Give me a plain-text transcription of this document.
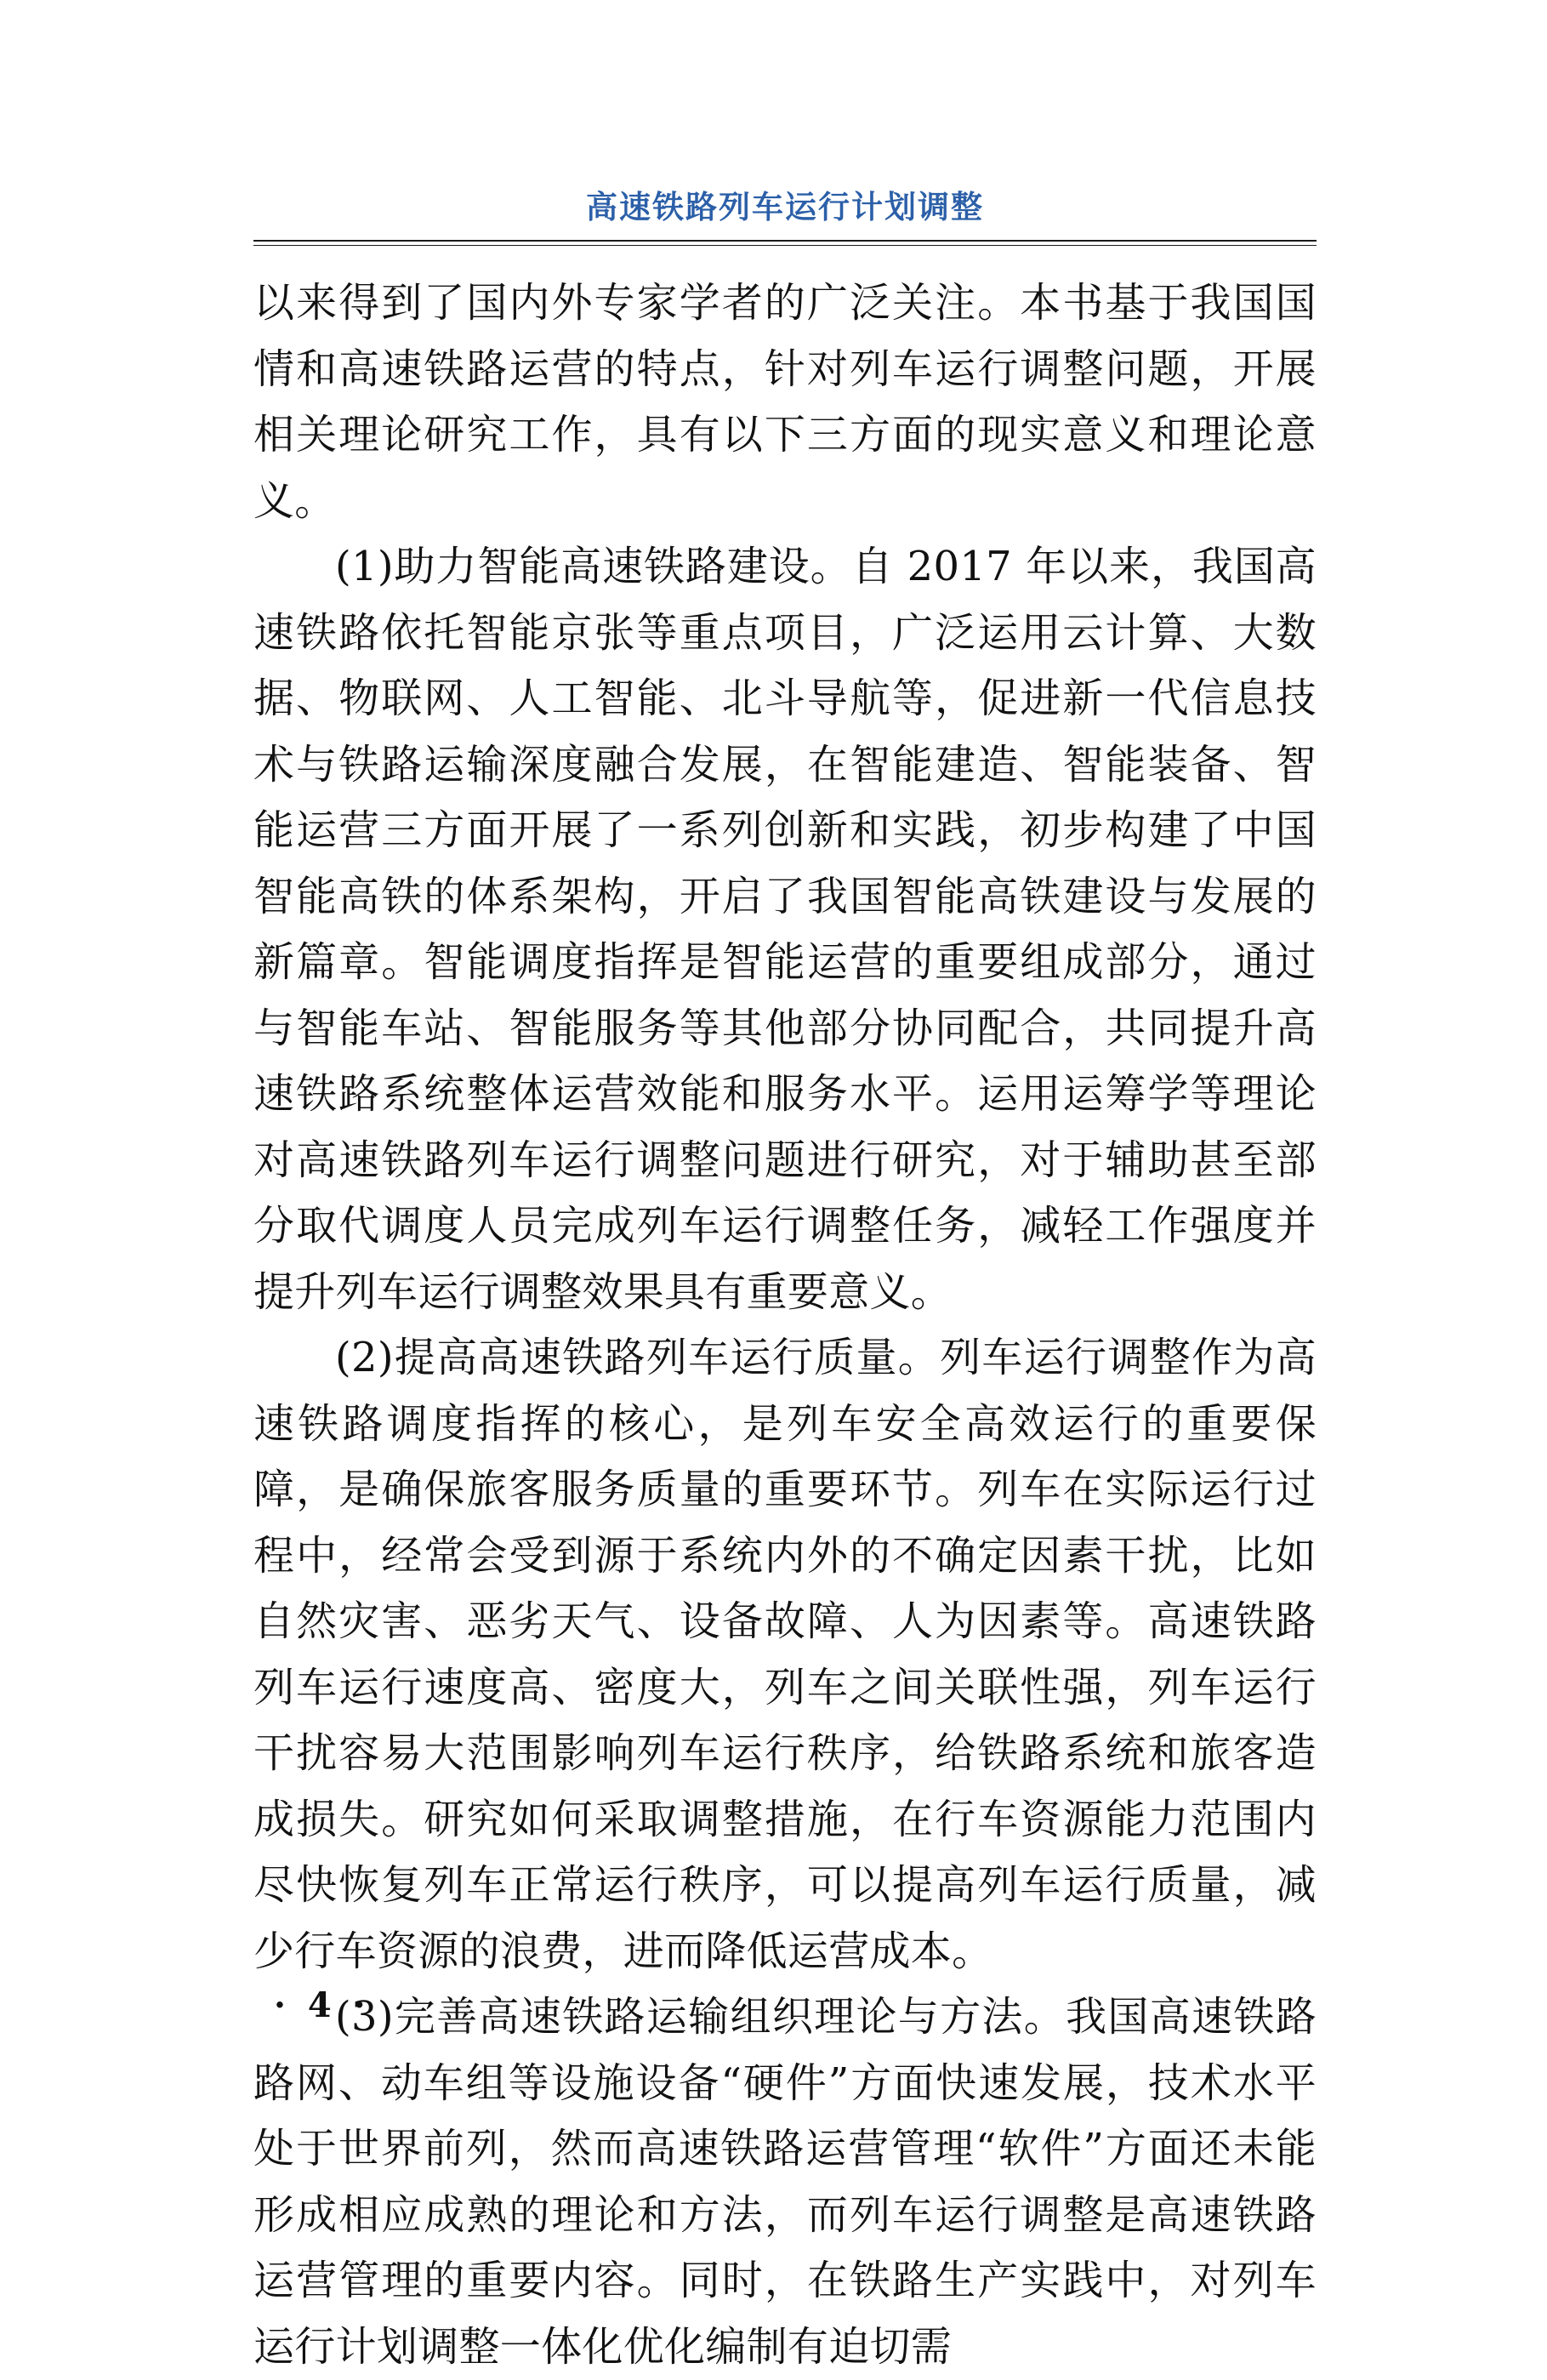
高速铁路列车运行计划调整

以来得到了国内外专家学者的广泛关注。本书基于我国国情和高速铁路运营的特点，针对列车运行调整问题，开展相关理论研究工作，具有以下三方面的现实意义和理论意义。

(1)助力智能高速铁路建设。自 2017 年以来，我国高速铁路依托智能京张等重点项目，广泛运用云计算、大数据、物联网、人工智能、北斗导航等，促进新一代信息技术与铁路运输深度融合发展，在智能建造、智能装备、智能运营三方面开展了一系列创新和实践，初步构建了中国智能高铁的体系架构，开启了我国智能高铁建设与发展的新篇章。智能调度指挥是智能运营的重要组成部分，通过与智能车站、智能服务等其他部分协同配合，共同提升高速铁路系统整体运营效能和服务水平。运用运筹学等理论对高速铁路列车运行调整问题进行研究，对于辅助甚至部分取代调度人员完成列车运行调整任务，减轻工作强度并提升列车运行调整效果具有重要意义。

(2)提高高速铁路列车运行质量。列车运行调整作为高速铁路调度指挥的核心，是列车安全高效运行的重要保障，是确保旅客服务质量的重要环节。列车在实际运行过程中，经常会受到源于系统内外的不确定因素干扰，比如自然灾害、恶劣天气、设备故障、人为因素等。高速铁路列车运行速度高、密度大，列车之间关联性强，列车运行干扰容易大范围影响列车运行秩序，给铁路系统和旅客造成损失。研究如何采取调整措施，在行车资源能力范围内尽快恢复列车正常运行秩序，可以提高列车运行质量，减少行车资源的浪费，进而降低运营成本。

(3)完善高速铁路运输组织理论与方法。我国高速铁路路网、动车组等设施设备“硬件”方面快速发展，技术水平处于世界前列，然而高速铁路运营管理“软件”方面还未能形成相应成熟的理论和方法，而列车运行调整是高速铁路运营管理的重要内容。同时，在铁路生产实践中，对列车运行计划调整一体化优化编制有迫切需

· 4 ·
